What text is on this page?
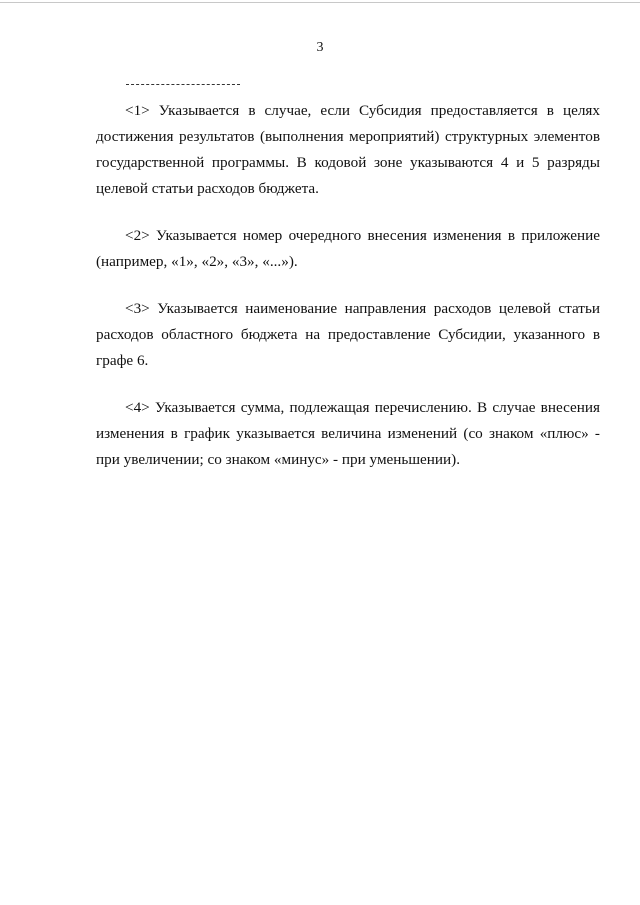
3

<1> Указывается в случае, если Субсидия предоставляется в целях достижения результатов (выполнения мероприятий) структурных элементов государственной программы. В кодовой зоне указываются 4 и 5 разряды целевой статьи расходов бюджета.

<2> Указывается номер очередного внесения изменения в приложение (например, «1», «2», «3», «...»).

<3> Указывается наименование направления расходов целевой статьи расходов областного бюджета на предоставление Субсидии, указанного в графе 6.

<4> Указывается сумма, подлежащая перечислению. В случае внесения изменения в график указывается величина изменений (со знаком «плюс» - при увеличении; со знаком «минус» - при уменьшении).
